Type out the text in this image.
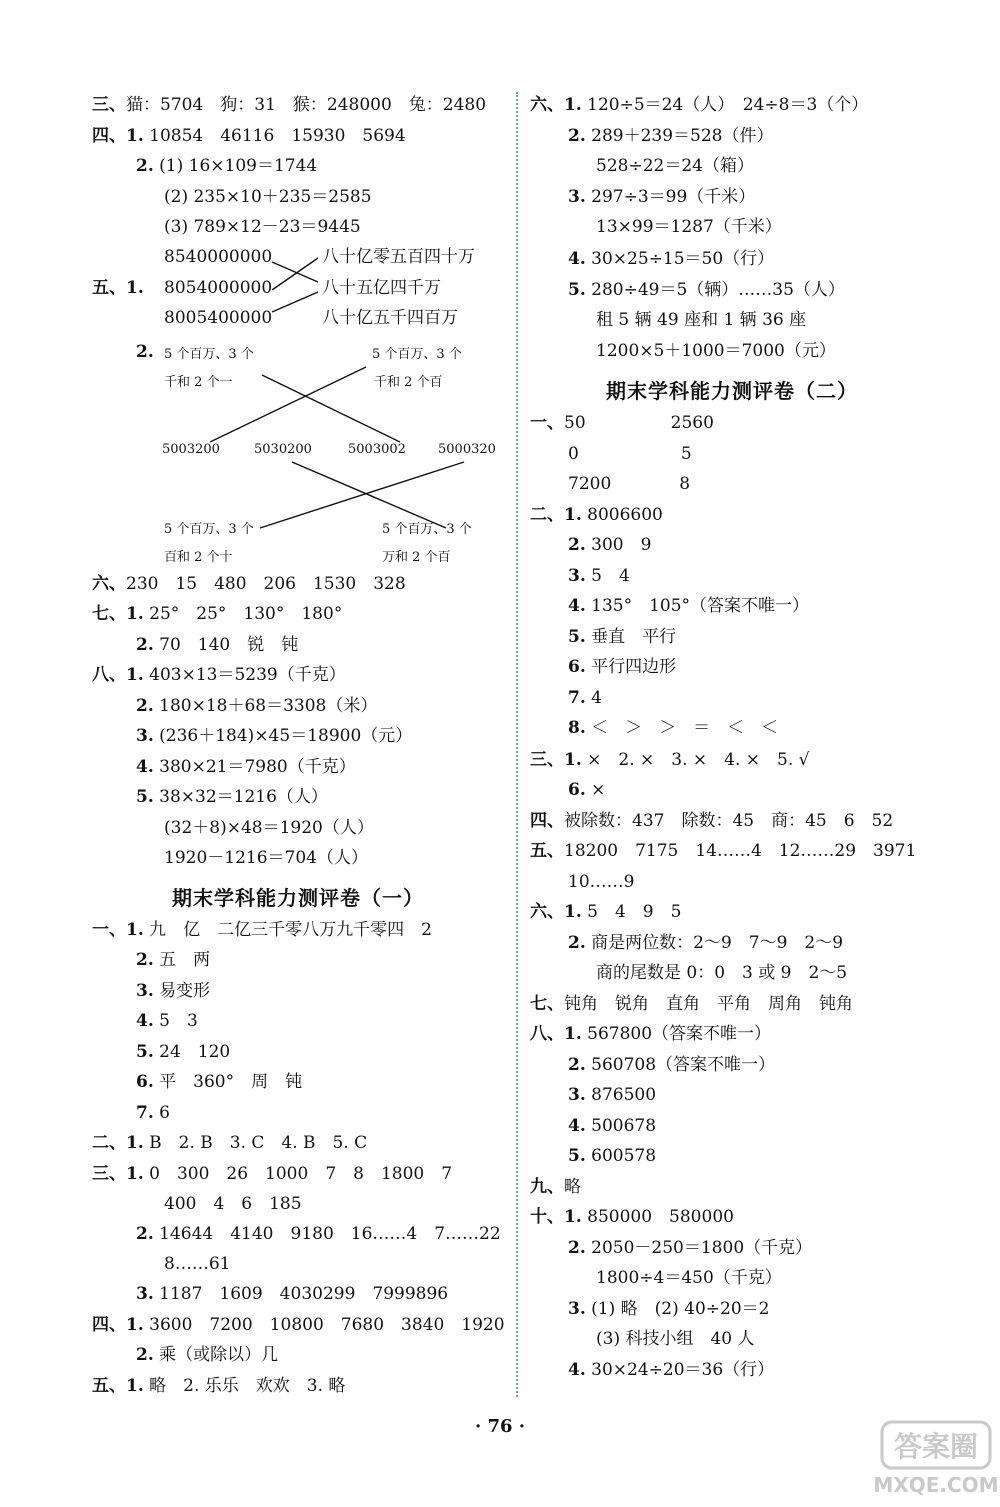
三、猫：5704　狗：31　猴：248000　兔：2480
四、1. 10854　46116　15930　5694
2. (1) 16×109＝1744
(2) 235×10＋235＝2585
(3) 789×12－23＝9445
8540000000
五、1. 8054000000
8005400000
八十亿零五百四十万
八十五亿四千万
八十亿五千四百万
2. 5 个百万、3 个
千和 2 个一
5 个百万、3 个
千和 2 个百
5003200	5030200	5003002 5000320
5 个百万、3 个
百和 2 个十
5 个百万、3 个
万和 2 个百
六、230　15　480　206　1530　328
七、1. 25°　25°　130°　180°
2. 70　140　锐　钝
八、1. 403×13＝5239（千克）
2. 180×18＋68＝3308（米）
3. (236＋184)×45＝18900（元）
4. 380×21＝7980（千克）
5. 38×32＝1216（人）
(32＋8)×48＝1920（人）
1920－1216＝704（人）
期末学科能力测评卷（一）
一、1. 九　亿　二亿三千零八万九千零四　2
2. 五　两
3. 易变形
4. 5　3
5. 24　120
6. 平　360°　周　钝
7. 6
二、1. B　2. B　3. C　4. B　5. C
三、1. 0　300　26　1000　7　8　1800　7
400　4　6　185
2. 14644　4140　9180　16……4　7……22
8……61
3. 1187　1609　4030299　7999896
四、1. 3600　7200　10800　7680　3840　1920
2. 乘（或除以）几
五、1. 略　2. 乐乐　欢欢　3. 略
六、1. 120÷5＝24（人）　24÷8＝3（个）
2. 289＋239＝528（件）
528÷22＝24（箱）
3. 297÷3＝99（千米）
13×99＝1287（千米）
4. 30×25÷15＝50（行）
5. 280÷49＝5（辆）……35（人）
租 5 辆 49 座和 1 辆 36 座
1200×5＋1000＝7000（元）
期末学科能力测评卷（二）
一、50　　　　　2560
0　　　　　　5
7200　　　　8
二、1. 8006600
2. 300　9
3. 5　4
4. 135°　105°（答案不唯一）
5. 垂直　平行
6. 平行四边形
7. 4
8. ＜　＞　＞　＝　＜　＜
三、1. ×　2. ×　3. ×　4. ×　5. √
6. ×
四、被除数：437　除数：45　商：45　6　52
五、18200　7175　14……4　12……29　3971
10……9
六、1. 5　4　9　5
2. 商是两位数：2～9　7～9　2～9
商的尾数是 0：0　3 或 9　2～5
七、钝角　锐角　直角　平角　周角　钝角
八、1. 567800（答案不唯一）
2. 560708（答案不唯一）
3. 876500
4. 500678
5. 600578
九、略
十、1. 850000　580000
2. 2050－250＝1800（千克）
1800÷4＝450（千克）
3. (1) 略　(2) 40÷20＝2
(3) 科技小组　40 人
4. 30×24÷20＝36（行）
· 76 ·
答案圈
MXQE.COM
